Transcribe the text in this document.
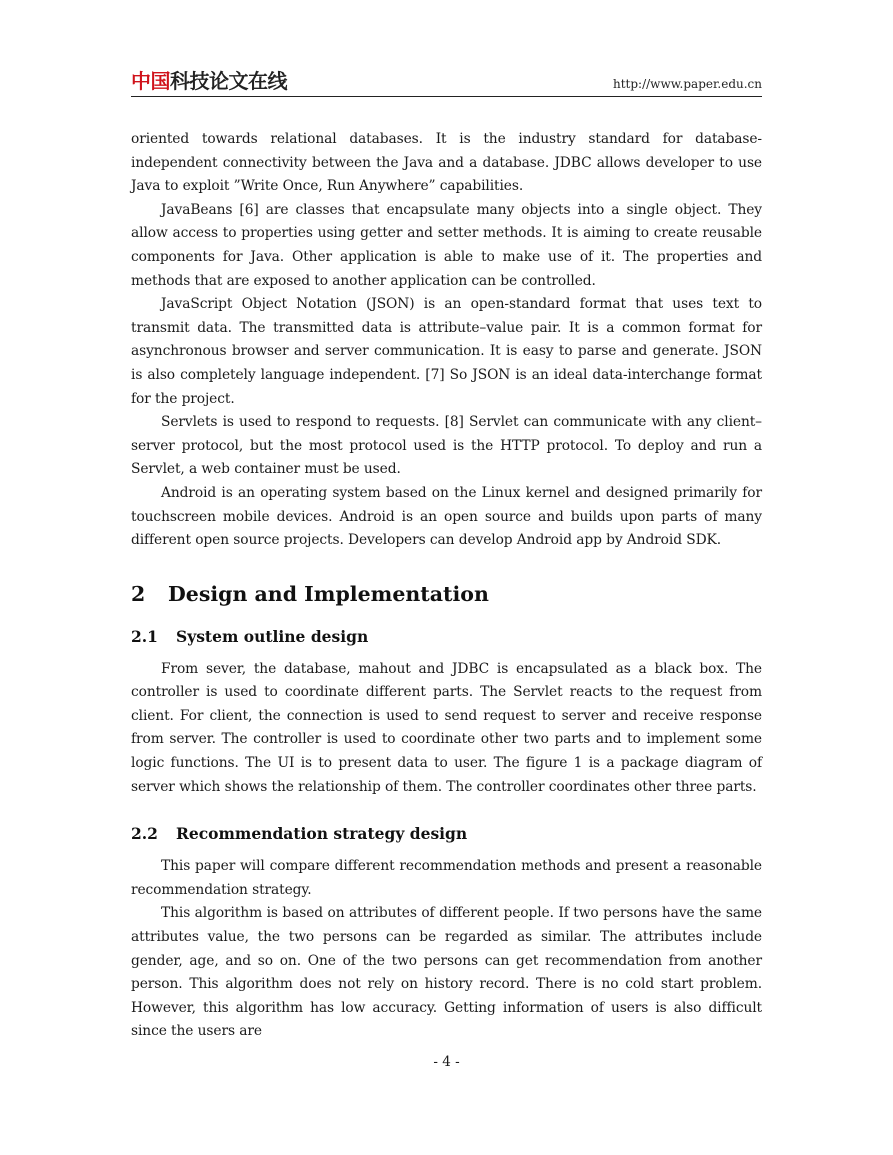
中国科技论文在线	http://www.paper.edu.cn

oriented towards relational databases. It is the industry standard for database-independent connectivity between the Java and a database. JDBC allows developer to use Java to exploit ”Write Once, Run Anywhere” capabilities.

JavaBeans [6] are classes that encapsulate many objects into a single object. They allow access to properties using getter and setter methods. It is aiming to create reusable components for Java. Other application is able to make use of it. The properties and methods that are exposed to another application can be controlled.

JavaScript Object Notation (JSON) is an open-standard format that uses text to transmit data. The transmitted data is attribute–value pair. It is a common format for asynchronous browser and server communication. It is easy to parse and generate. JSON is also completely language independent. [7] So JSON is an ideal data-interchange format for the project.

Servlets is used to respond to requests. [8] Servlet can communicate with any client–server protocol, but the most protocol used is the HTTP protocol. To deploy and run a Servlet, a web container must be used.

Android is an operating system based on the Linux kernel and designed primarily for touchscreen mobile devices. Android is an open source and builds upon parts of many different open source projects. Developers can develop Android app by Android SDK.

2 Design and Implementation
2.1 System outline design

From sever, the database, mahout and JDBC is encapsulated as a black box. The controller is used to coordinate different parts. The Servlet reacts to the request from client. For client, the connection is used to send request to server and receive response from server. The controller is used to coordinate other two parts and to implement some logic functions. The UI is to present data to user. The figure 1 is a package diagram of server which shows the relationship of them. The controller coordinates other three parts.

2.2 Recommendation strategy design

This paper will compare different recommendation methods and present a reasonable recommendation strategy.

This algorithm is based on attributes of different people. If two persons have the same attributes value, the two persons can be regarded as similar. The attributes include gender, age, and so on. One of the two persons can get recommendation from another person. This algorithm does not rely on history record. There is no cold start problem. However, this algorithm has low accuracy. Getting information of users is also difficult since the users are

- 4 -
